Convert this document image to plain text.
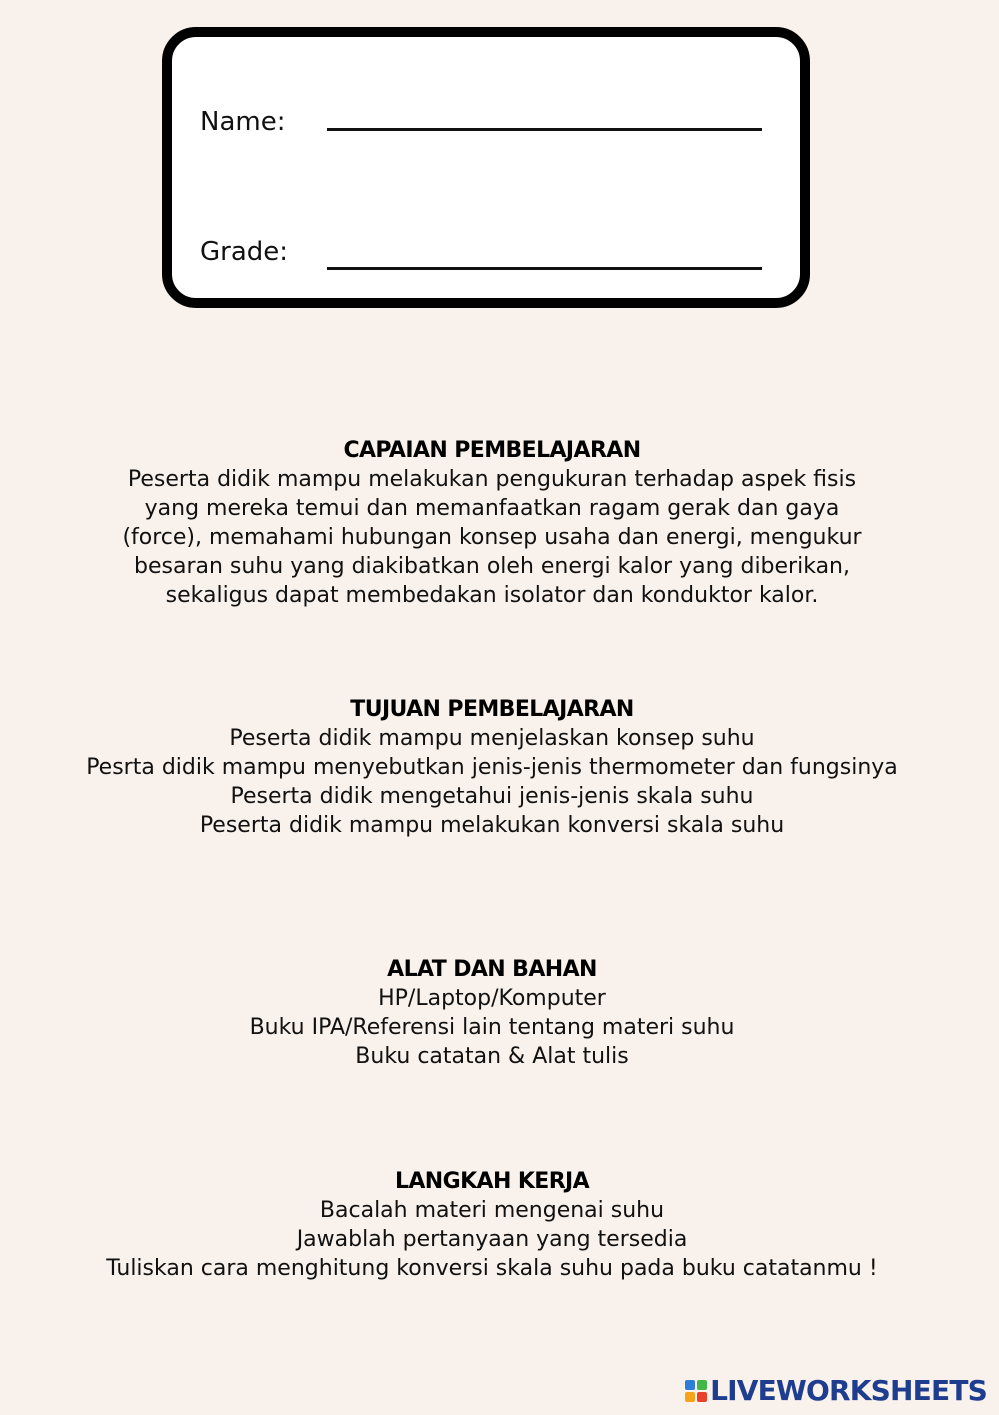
Name:
Grade:
CAPAIAN PEMBELAJARAN
Peserta didik mampu melakukan pengukuran terhadap aspek fisis
yang mereka temui dan memanfaatkan ragam gerak dan gaya
(force), memahami hubungan konsep usaha dan energi, mengukur
besaran suhu yang diakibatkan oleh energi kalor yang diberikan,
sekaligus dapat membedakan isolator dan konduktor kalor.
TUJUAN PEMBELAJARAN
Peserta didik mampu menjelaskan konsep suhu
Pesrta didik mampu menyebutkan jenis-jenis thermometer dan fungsinya
Peserta didik mengetahui jenis-jenis skala suhu
Peserta didik mampu melakukan konversi skala suhu
ALAT DAN BAHAN
HP/Laptop/Komputer
Buku IPA/Referensi lain tentang materi suhu
Buku catatan & Alat tulis
LANGKAH KERJA
Bacalah materi mengenai suhu
Jawablah pertanyaan yang tersedia
Tuliskan cara menghitung konversi skala suhu pada buku catatanmu !
LIVEWORKSHEETS
